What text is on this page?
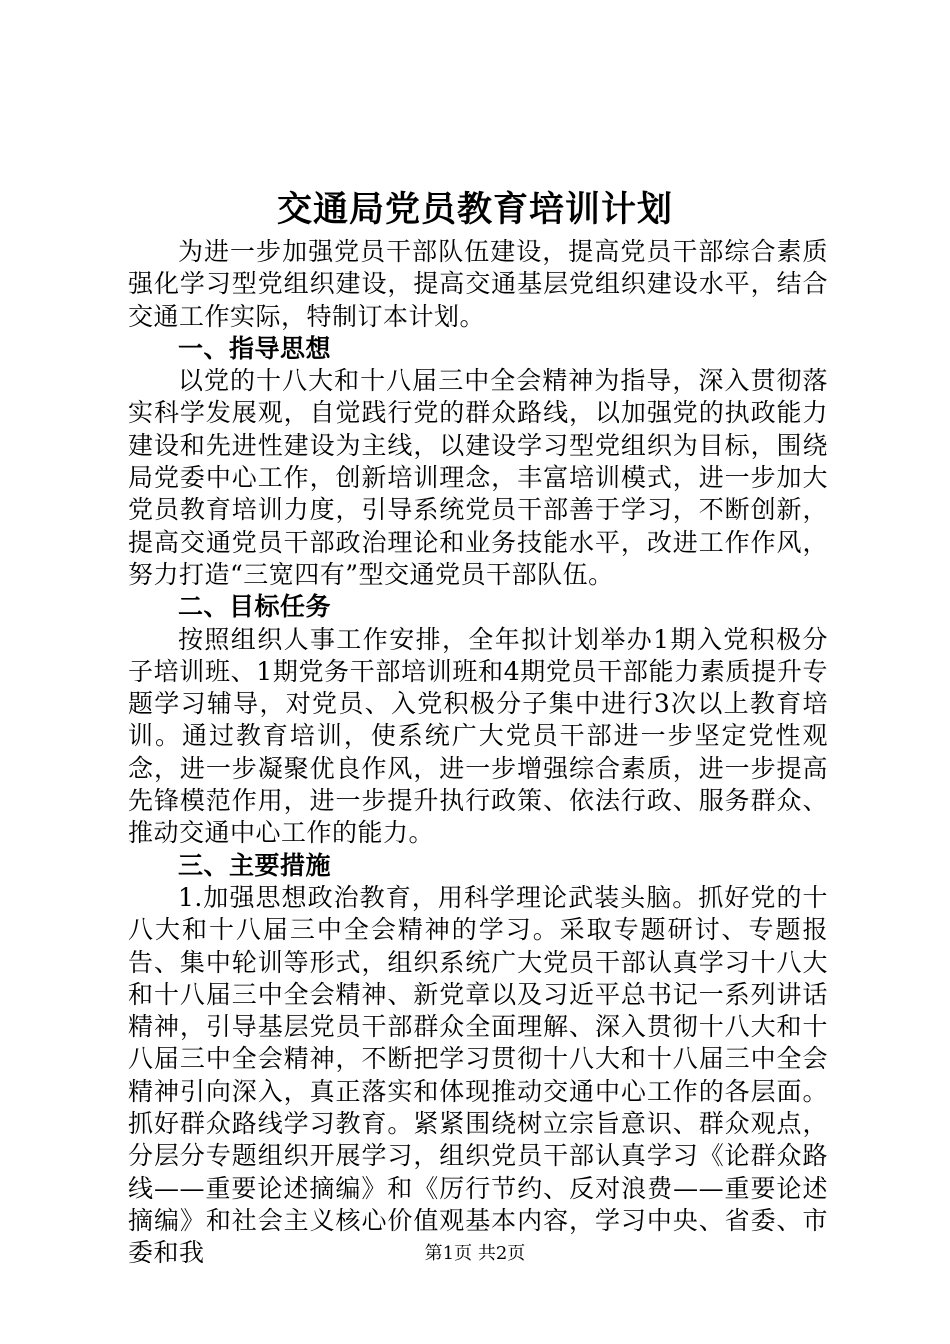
交通局党员教育培训计划

为进一步加强党员干部队伍建设，提高党员干部综合素质强化学习型党组织建设，提高交通基层党组织建设水平，结合交通工作实际，特制订本计划。

一、指导思想

以党的十八大和十八届三中全会精神为指导，深入贯彻落实科学发展观，自觉践行党的群众路线，以加强党的执政能力建设和先进性建设为主线，以建设学习型党组织为目标，围绕局党委中心工作，创新培训理念，丰富培训模式，进一步加大党员教育培训力度，引导系统党员干部善于学习，不断创新，提高交通党员干部政治理论和业务技能水平，改进工作作风，努力打造“三宽四有”型交通党员干部队伍。

二、目标任务

按照组织人事工作安排，全年拟计划举办1期入党积极分子培训班、1期党务干部培训班和4期党员干部能力素质提升专题学习辅导，对党员、入党积极分子集中进行3次以上教育培训。通过教育培训，使系统广大党员干部进一步坚定党性观念，进一步凝聚优良作风，进一步增强综合素质，进一步提高先锋模范作用，进一步提升执行政策、依法行政、服务群众、推动交通中心工作的能力。

三、主要措施

1.加强思想政治教育，用科学理论武装头脑。抓好党的十八大和十八届三中全会精神的学习。采取专题研讨、专题报告、集中轮训等形式，组织系统广大党员干部认真学习十八大和十八届三中全会精神、新党章以及习近平总书记一系列讲话精神，引导基层党员干部群众全面理解、深入贯彻十八大和十八届三中全会精神，不断把学习贯彻十八大和十八届三中全会精神引向深入，真正落实和体现推动交通中心工作的各层面。抓好群众路线学习教育。紧紧围绕树立宗旨意识、群众观点，分层分专题组织开展学习，组织党员干部认真学习《论群众路线——重要论述摘编》和《厉行节约、反对浪费——重要论述摘编》和社会主义核心价值观基本内容，学习中央、省委、市委和我	第1页 共2页
